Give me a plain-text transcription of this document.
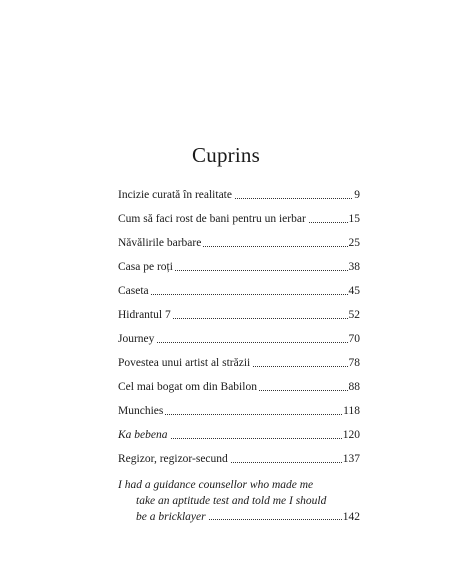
Cuprins
Incizie curată în realitate	9
Cum să faci rost de bani pentru un ierbar	15
Năvălirile barbare	25
Casa pe roți	38
Caseta	45
Hidrantul 7	52
Journey	70
Povestea unui artist al străzii	78
Cel mai bogat om din Babilon	88
Munchies	118
Ka bebena	120
Regizor, regizor-secund	137
I had a guidance counsellor who made me
take an aptitude test and told me I should
be a bricklayer	142
